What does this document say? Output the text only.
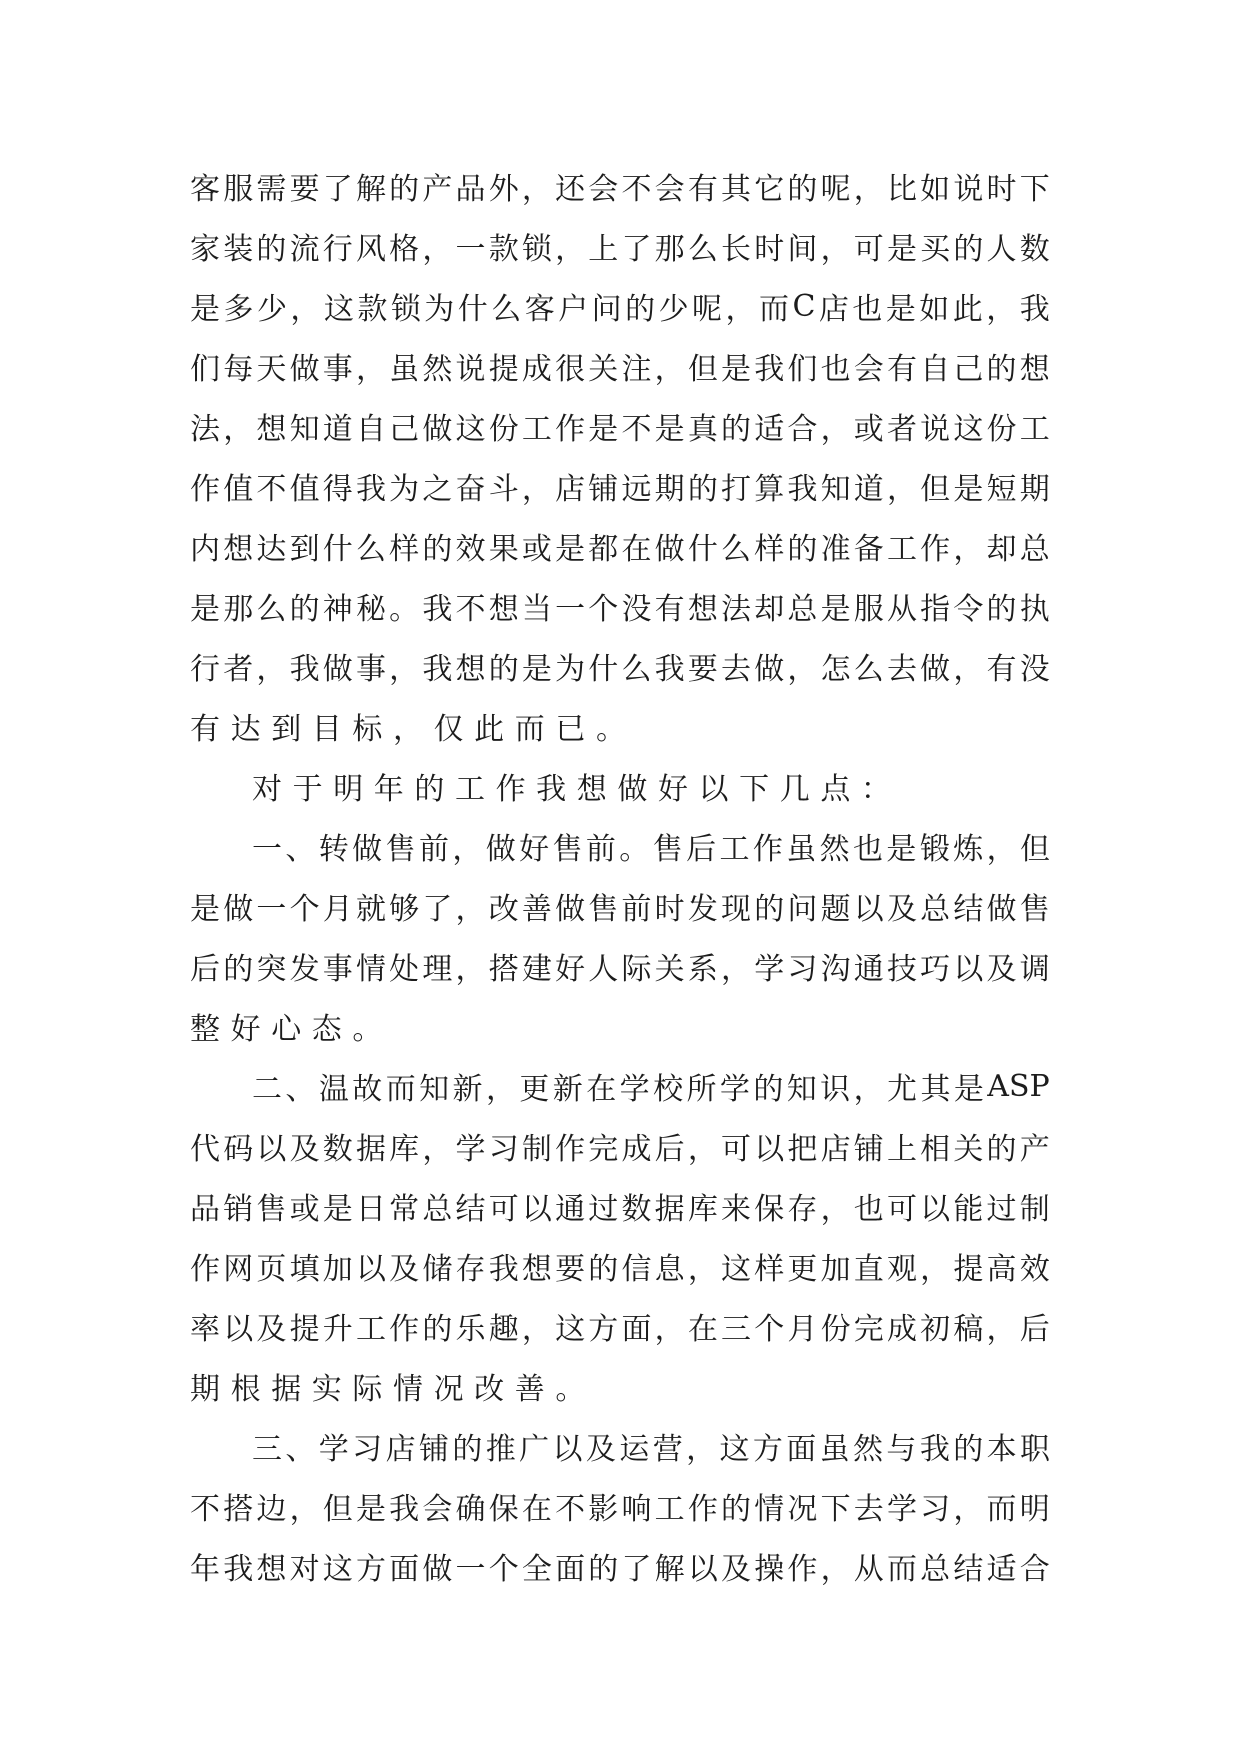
客 服 需 要 了 解 的 产 品 外 ， 还 会 不 会 有 其 它 的 呢 ， 比 如 说 时 下
家 装 的 流 行 风 格 ， 一 款 锁 ， 上 了 那 么 长 时 间 ， 可 是 买 的 人 数
是 多 少 ， 这 款 锁 为 什 么 客 户 问 的 少 呢 ， 而 C 店 也 是 如 此 ， 我
们 每 天 做 事 ， 虽 然 说 提 成 很 关 注 ， 但 是 我 们 也 会 有 自 己 的 想
法 ， 想 知 道 自 己 做 这 份 工 作 是 不 是 真 的 适 合 ， 或 者 说 这 份 工
作 值 不 值 得 我 为 之 奋 斗 ， 店 铺 远 期 的 打 算 我 知 道 ， 但 是 短 期
内 想 达 到 什 么 样 的 效 果 或 是 都 在 做 什 么 样 的 准 备 工 作 ， 却 总
是 那 么 的 神 秘 。 我 不 想 当 一 个 没 有 想 法 却 总 是 服 从 指 令 的 执
行 者 ， 我 做 事 ， 我 想 的 是 为 什 么 我 要 去 做 ， 怎 么 去 做 ， 有 没
有 达 到 目 标 ， 仅 此 而 已 。
对 于 明 年 的 工 作 我 想 做 好 以 下 几 点 ：
一 、 转 做 售 前 ， 做 好 售 前 。 售 后 工 作 虽 然 也 是 锻 炼 ， 但
是 做 一 个 月 就 够 了 ， 改 善 做 售 前 时 发 现 的 问 题 以 及 总 结 做 售
后 的 突 发 事 情 处 理 ， 搭 建 好 人 际 关 系 ， 学 习 沟 通 技 巧 以 及 调
整 好 心 态 。
二 、 温 故 而 知 新 ， 更 新 在 学 校 所 学 的 知 识 ， 尤 其 是 ASP
代 码 以 及 数 据 库 ， 学 习 制 作 完 成 后 ， 可 以 把 店 铺 上 相 关 的 产
品 销 售 或 是 日 常 总 结 可 以 通 过 数 据 库 来 保 存 ， 也 可 以 能 过 制
作 网 页 填 加 以 及 储 存 我 想 要 的 信 息 ， 这 样 更 加 直 观 ， 提 高 效
率 以 及 提 升 工 作 的 乐 趣 ， 这 方 面 ， 在 三 个 月 份 完 成 初 稿 ， 后
期 根 据 实 际 情 况 改 善 。
三 、 学 习 店 铺 的 推 广 以 及 运 营 ， 这 方 面 虽 然 与 我 的 本 职
不 搭 边 ， 但 是 我 会 确 保 在 不 影 响 工 作 的 情 况 下 去 学 习 ， 而 明
年 我 想 对 这 方 面 做 一 个 全 面 的 了 解 以 及 操 作 ， 从 而 总 结 适 合
